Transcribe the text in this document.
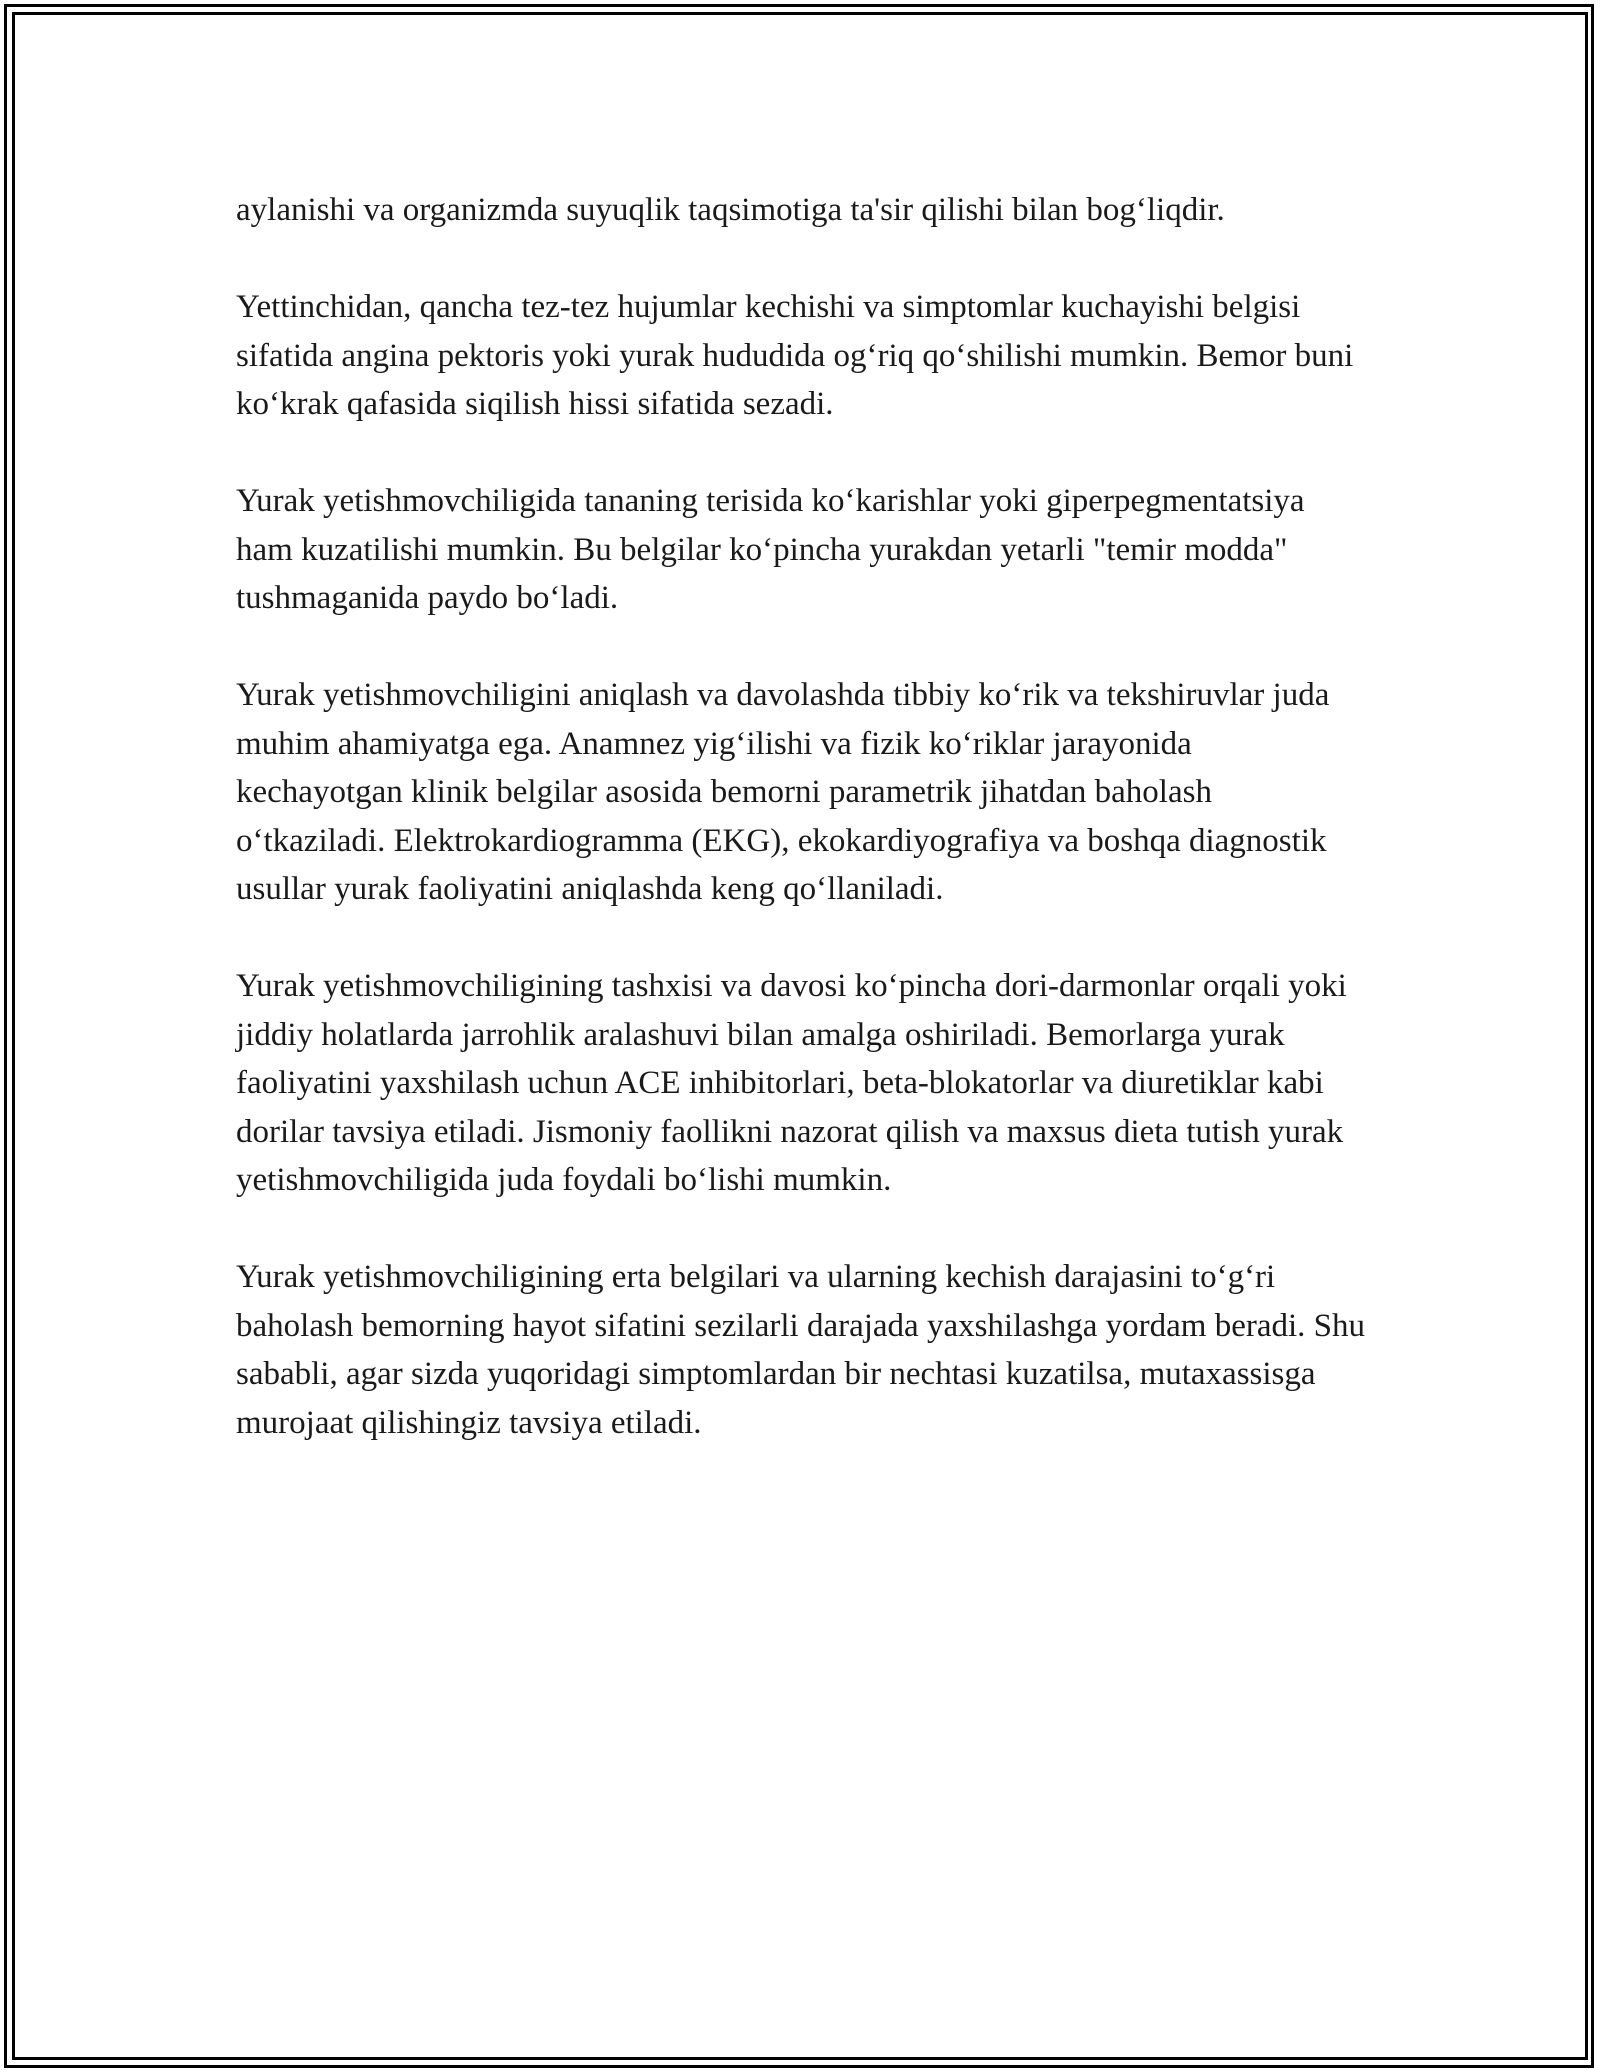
aylanishi va organizmda suyuqlik taqsimotiga ta'sir qilishi bilan bog‘liqdir.

Yettinchidan, qancha tez-tez hujumlar kechishi va simptomlar kuchayishi belgisi sifatida angina pektoris yoki yurak hududida og‘riq qo‘shilishi mumkin. Bemor buni ko‘krak qafasida siqilish hissi sifatida sezadi.

Yurak yetishmovchiligida tananing terisida ko‘karishlar yoki giperpegmentatsiya ham kuzatilishi mumkin. Bu belgilar ko‘pincha yurakdan yetarli "temir modda" tushmaganida paydo bo‘ladi.

Yurak yetishmovchiligini aniqlash va davolashda tibbiy ko‘rik va tekshiruvlar juda muhim ahamiyatga ega. Anamnez yig‘ilishi va fizik ko‘riklar jarayonida kechayotgan klinik belgilar asosida bemorni parametrik jihatdan baholash o‘tkaziladi. Elektrokardiogramma (EKG), ekokardiyografiya va boshqa diagnostik usullar yurak faoliyatini aniqlashda keng qo‘llaniladi.

Yurak yetishmovchiligining tashxisi va davosi ko‘pincha dori-darmonlar orqali yoki jiddiy holatlarda jarrohlik aralashuvi bilan amalga oshiriladi. Bemorlarga yurak faoliyatini yaxshilash uchun ACE inhibitorlari, beta-blokatorlar va diuretiklar kabi dorilar tavsiya etiladi. Jismoniy faollikni nazorat qilish va maxsus dieta tutish yurak yetishmovchiligida juda foydali bo‘lishi mumkin.

Yurak yetishmovchiligining erta belgilari va ularning kechish darajasini to‘g‘ri baholash bemorning hayot sifatini sezilarli darajada yaxshilashga yordam beradi. Shu sababli, agar sizda yuqoridagi simptomlardan bir nechtasi kuzatilsa, mutaxassisga murojaat qilishingiz tavsiya etiladi.
